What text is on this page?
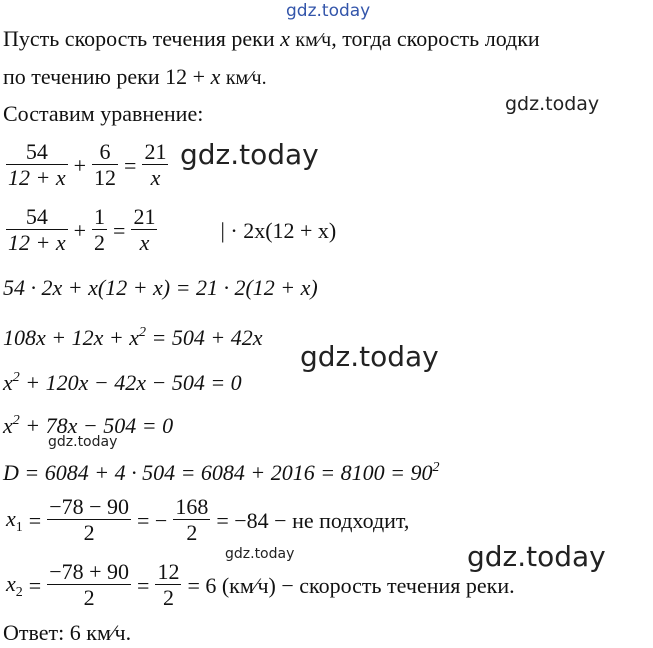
gdz.today
Пусть скорость течения реки x км⁄ч, тогда скорость лодки
по течению реки 12 + x км⁄ч.
Составим уравнение:	gdz.today
$\frac{54}{12 + x} + \frac{6}{12} = \frac{21}{x}$ gdz.today
$\frac{54}{12 + x} + \frac{1}{2} = \frac{21}{x}$	| · 2x(12 + x)
54 · 2x + x(12 + x) = 21 · 2(12 + x)
$108x + 12x + x^2 = 504 + 42x$
$x^2 + 120x - 42x - 504 = 0$
gdz.today
$x^2 + 78x - 504 = 0$
gdz.today
$D = 6084 + 4 \cdot 504 = 6084 + 2016 = 8100 = 90^2$
$x_1 = \frac{-78 - 90}{2}$ = − $\frac{168}{2} = -84$ − не подходит,
gdz.today
$x_2 = \frac{-78 + 90}{2} = \frac{12}{2} = 6$ (км⁄ч) − скорость течения реки.
gdz.today
Ответ: 6 км⁄ч.
